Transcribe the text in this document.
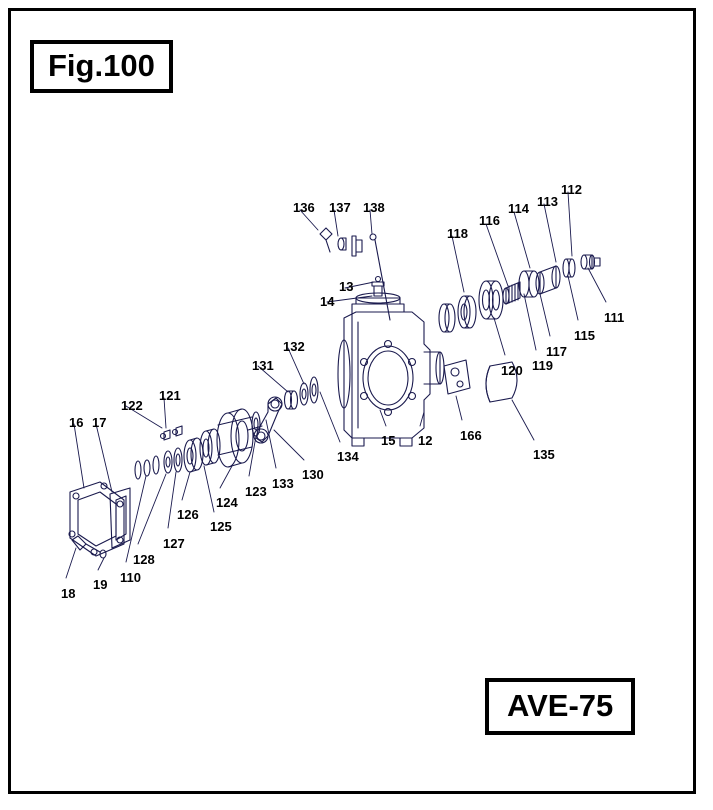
Fig.100
AVE-75
136 137 138
112
113
114
116
118
13
14
111
115
117
119
120
132
131
121
122
16 17
15 12 166
135
134
130
133
123
124
125
126
127
128
110
19
18
